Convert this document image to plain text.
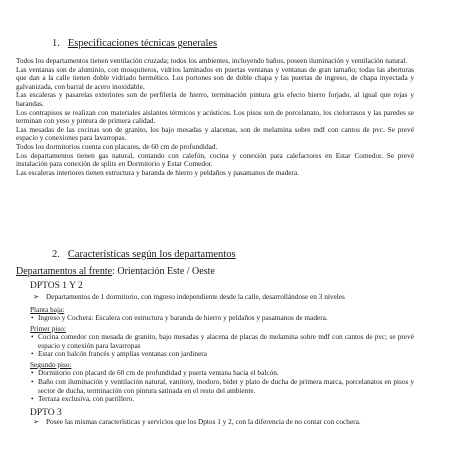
1. Especificaciones técnicas generales

Todos los departamentos tienen ventilación cruzada; todos los ambientes, incluyendo baños, poseen iluminación y ventilación natural.

Las ventanas son de aluminio, con mosquiteros, vidrios laminados en puertas ventanas y ventanas de gran tamaño; todas las aberturas que dan a la calle tienen doble vidriado hermético. Los portones son de doble chapa y las puertas de ingreso, de chapa inyectada y galvanizada, con barral de acero inoxidable.

Las escaleras y pasarelas exteriores son de perfilería de hierro, terminación pintura gris efecto hierro forjado, al igual que rejas y barandas.

Los contrapisos se realizan con materiales aislantes térmicos y acústicos. Los pisos son de porcelanato, los cielorrasos y las paredes se terminan con yeso y pintura de primera calidad.

Las mesadas de las cocinas son de granito, los bajo mesadas y alacenas, son de melamina sobre mdf con cantos de pvc. Se prevé espacio y conexiones para lavarropas.

Todos los dormitorios cuenta con placares, de 60 cm de profundidad.

Los departamentos tienen gas natural, contando con calefón, cocina y conexión para calefactores en Estar Comedor. Se prevé instalación para conexión de splits en Dormitorio y Estar Comedor.

Las escaleras interiores tienen estructura y baranda de hierro y peldaños y pasamanos de madera.

2. Características según los departamentos
Departamentos al frente: Orientación Este / Oeste
DPTOS 1 Y 2
➢ Departamentos de 1 dormitorio, con ingreso independiente desde la calle, desarrollándose en 3 niveles
Planta baja:
• Ingreso y Cochera: Escalera con estructura y baranda de hierro y peldaños y pasamanos de madera.
Primer piso:
• Cocina comedor con mesada de granito, bajo mesadas y alacena de placas de melamina sobre mdf con cantos de pvc; se prevé espacio y conexión para lavarropas
• Estar con balcón francés y amplias ventanas con jardinera
Segundo piso:
• Dormitorio con placard de 60 cm de profundidad y puerta ventana hacia el balcón.
• Baño con iluminación y ventilación natural, vanitory, inodoro, bidet y plato de ducha de primera marca, porcelanatos en pisos y sector de ducha, terminación con pintura satinada en el resto del ambiente.
• Terraza exclusiva, con parrillero.
DPTO 3
➢ Posee las mismas características y servicios que los Dptos 1 y 2, con la diferencia de no contar con cochera.
